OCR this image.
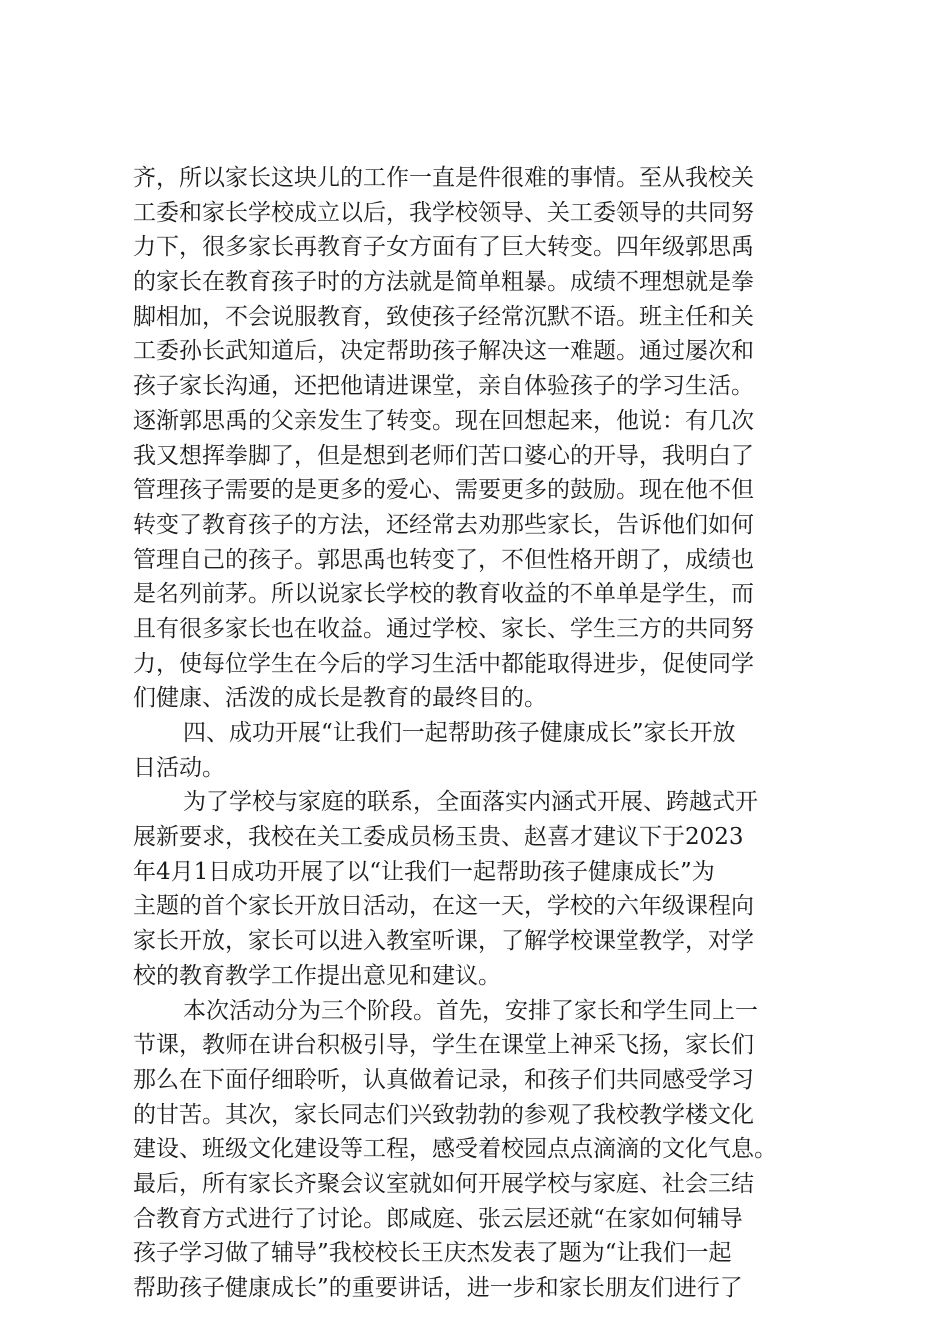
齐，所以家长这块儿的工作一直是件很难的事情。至从我校关
工委和家长学校成立以后，我学校领导、关工委领导的共同努
力下，很多家长再教育子女方面有了巨大转变。四年级郭思禹
的家长在教育孩子时的方法就是简单粗暴。成绩不理想就是拳
脚相加，不会说服教育，致使孩子经常沉默不语。班主任和关
工委孙长武知道后，决定帮助孩子解决这一难题。通过屡次和
孩子家长沟通，还把他请进课堂，亲自体验孩子的学习生活。
逐渐郭思禹的父亲发生了转变。现在回想起来，他说：有几次
我又想挥拳脚了，但是想到老师们苦口婆心的开导，我明白了
管理孩子需要的是更多的爱心、需要更多的鼓励。现在他不但
转变了教育孩子的方法，还经常去劝那些家长，告诉他们如何
管理自己的孩子。郭思禹也转变了，不但性格开朗了，成绩也
是名列前茅。所以说家长学校的教育收益的不单单是学生，而
且有很多家长也在收益。通过学校、家长、学生三方的共同努
力，使每位学生在今后的学习生活中都能取得进步，促使同学
们健康、活泼的成长是教育的最终目的。
四、成功开展“让我们一起帮助孩子健康成长”家长开放
日活动。
为了学校与家庭的联系，全面落实内涵式开展、跨越式开
展新要求，我校在关工委成员杨玉贵、赵喜才建议下于2023
年4月1日成功开展了以“让我们一起帮助孩子健康成长”为
主题的首个家长开放日活动，在这一天，学校的六年级课程向
家长开放，家长可以进入教室听课，了解学校课堂教学，对学
校的教育教学工作提出意见和建议。
本次活动分为三个阶段。首先，安排了家长和学生同上一
节课，教师在讲台积极引导，学生在课堂上神采飞扬，家长们
那么在下面仔细聆听，认真做着记录，和孩子们共同感受学习
的甘苦。其次，家长同志们兴致勃勃的参观了我校教学楼文化
建设、班级文化建设等工程，感受着校园点点滴滴的文化气息。
最后，所有家长齐聚会议室就如何开展学校与家庭、社会三结
合教育方式进行了讨论。郎咸庭、张云层还就“在家如何辅导
孩子学习做了辅导”我校校长王庆杰发表了题为“让我们一起
帮助孩子健康成长”的重要讲话，进一步和家长朋友们进行了
